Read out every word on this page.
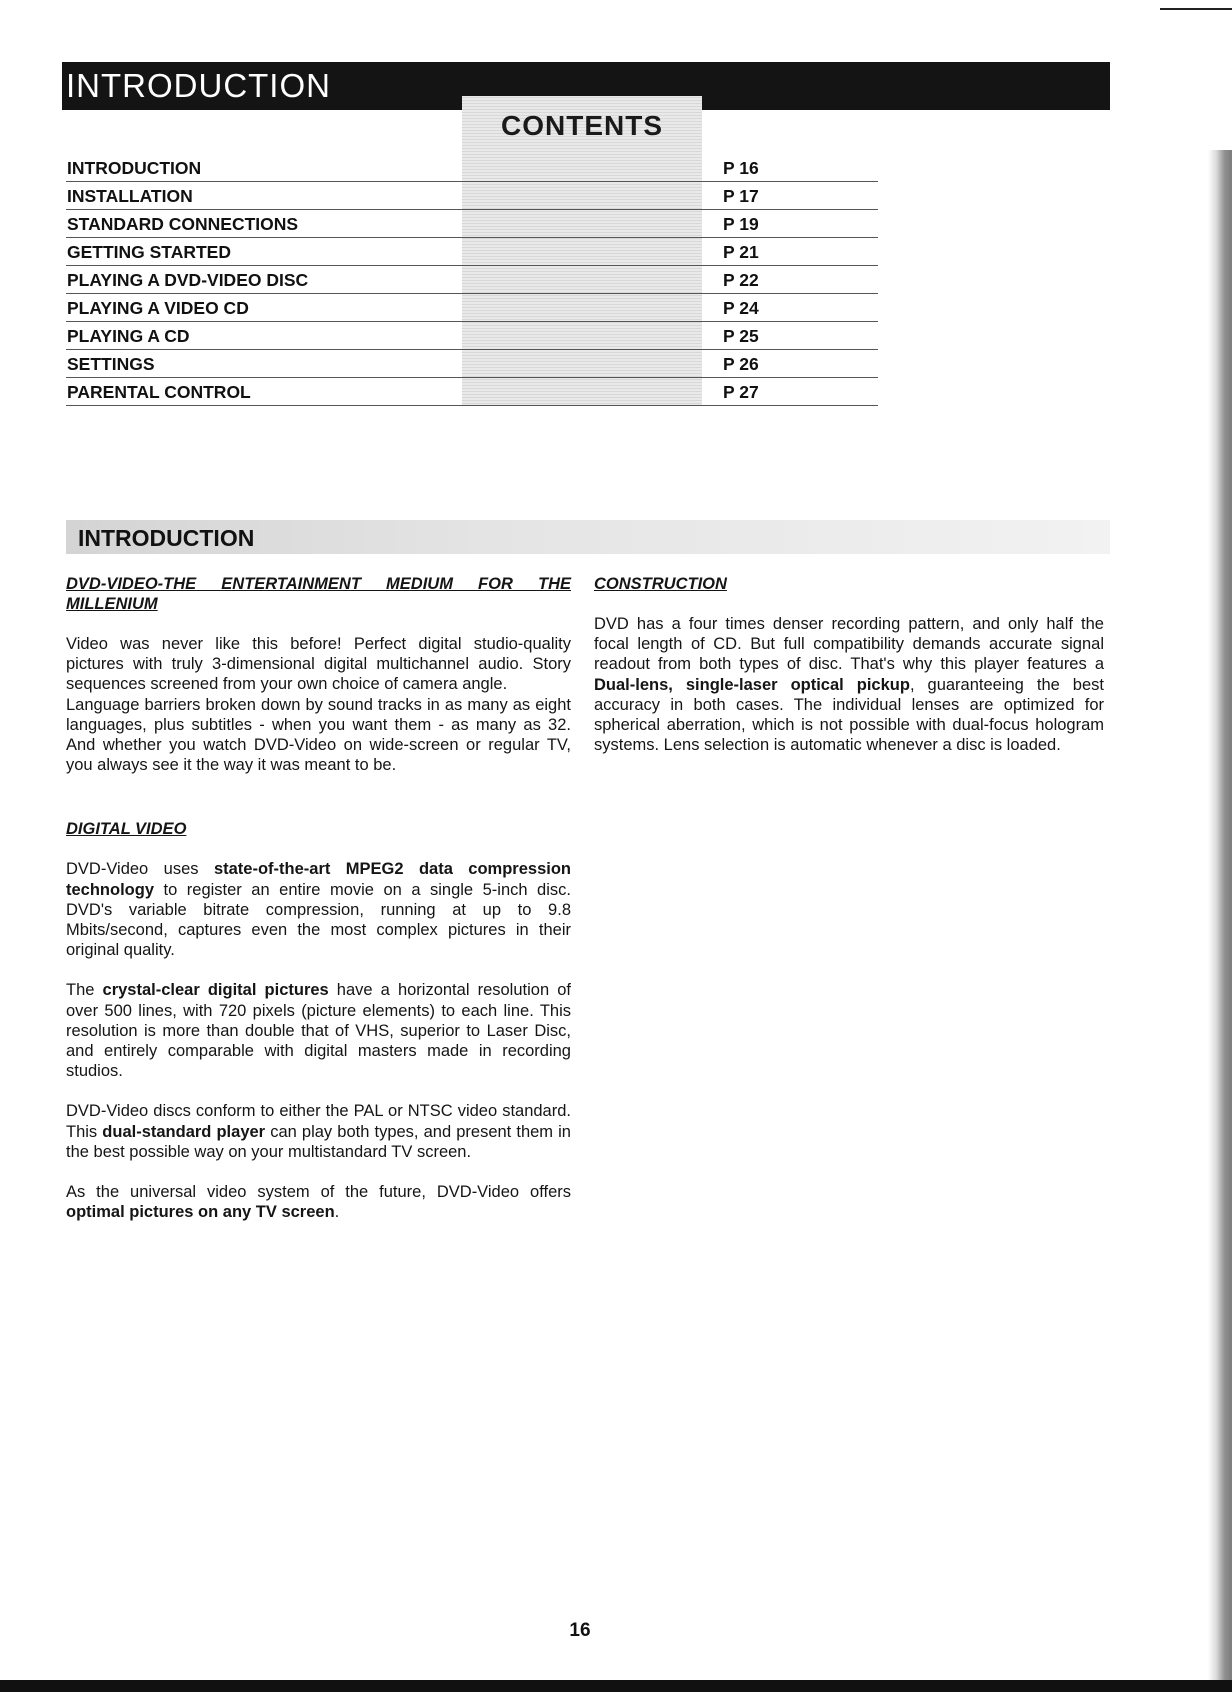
INTRODUCTION
CONTENTS
INTRODUCTION	P 16
INSTALLATION	P 17
STANDARD CONNECTIONS	P 19
GETTING STARTED	P 21
PLAYING A DVD-VIDEO DISC	P 22
PLAYING A VIDEO CD	P 24
PLAYING A CD	P 25
SETTINGS	P 26
PARENTAL CONTROL	P 27
INTRODUCTION
DVD-VIDEO-THE ENTERTAINMENT MEDIUM FOR THE
MILLENIUM

Video was never like this before! Perfect digital studio-quality pictures with truly 3-dimensional digital multichannel audio. Story sequences screened from your own choice of camera angle.

Language barriers broken down by sound tracks in as many as eight languages, plus subtitles - when you want them - as many as 32. And whether you watch DVD-Video on wide-screen or regular TV, you always see it the way it was meant to be.

DIGITAL VIDEO

DVD-Video uses state-of-the-art MPEG2 data compression technology to register an entire movie on a single 5-inch disc. DVD's variable bitrate compression, running at up to 9.8 Mbits/second, captures even the most complex pictures in their original quality.

The crystal-clear digital pictures have a horizontal resolution of over 500 lines, with 720 pixels (picture elements) to each line. This resolution is more than double that of VHS, superior to Laser Disc, and entirely comparable with digital masters made in recording studios.

DVD-Video discs conform to either the PAL or NTSC video standard. This dual-standard player can play both types, and present them in the best possible way on your multistandard TV screen.

As the universal video system of the future, DVD-Video offers optimal pictures on any TV screen.

CONSTRUCTION

DVD has a four times denser recording pattern, and only half the focal length of CD. But full compatibility demands accurate signal readout from both types of disc. That's why this player features a Dual-lens, single-laser optical pickup, guaranteeing the best accuracy in both cases. The individual lenses are optimized for spherical aberration, which is not possible with dual-focus hologram systems. Lens selection is automatic whenever a disc is loaded.

16
